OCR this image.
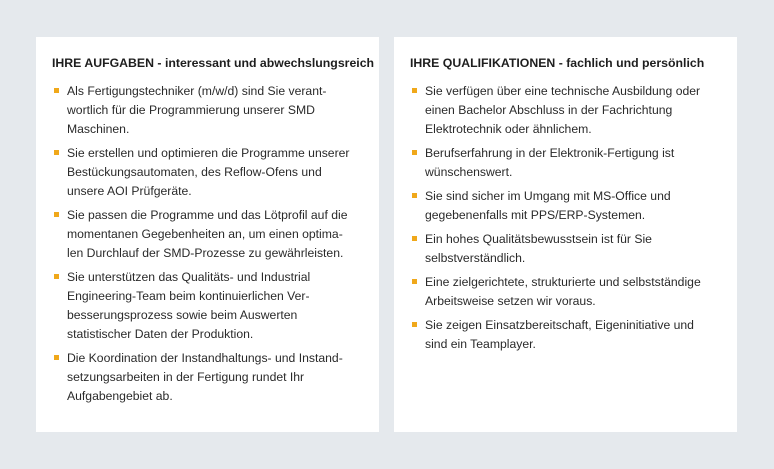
IHRE AUFGABEN - interessant und abwechslungsreich
Als Fertigungstechniker (m/w/d) sind Sie verant-
wortlich für die Programmierung unserer SMD
Maschinen.
Sie erstellen und optimieren die Programme unserer
Bestückungsautomaten, des Reflow-Ofens und
unsere AOI Prüfgeräte.
Sie passen die Programme und das Lötprofil auf die
momentanen Gegebenheiten an, um einen optima-
len Durchlauf der SMD-Prozesse zu gewährleisten.
Sie unterstützen das Qualitäts- und Industrial
Engineering-Team beim kontinuierlichen Ver-
besserungsprozess sowie beim Auswerten
statistischer Daten der Produktion.
Die Koordination der Instandhaltungs- und Instand-
setzungsarbeiten in der Fertigung rundet Ihr
Aufgabengebiet ab.
IHRE QUALIFIKATIONEN - fachlich und persönlich
Sie verfügen über eine technische Ausbildung oder
einen Bachelor Abschluss in der Fachrichtung
Elektrotechnik oder ähnlichem.
Berufserfahrung in der Elektronik-Fertigung ist
wünschenswert.
Sie sind sicher im Umgang mit MS-Office und
gegebenenfalls mit PPS/ERP-Systemen.
Ein hohes Qualitätsbewusstsein ist für Sie
selbstverständlich.
Eine zielgerichtete, strukturierte und selbstständige
Arbeitsweise setzen wir voraus.
Sie zeigen Einsatzbereitschaft, Eigeninitiative und
sind ein Teamplayer.
